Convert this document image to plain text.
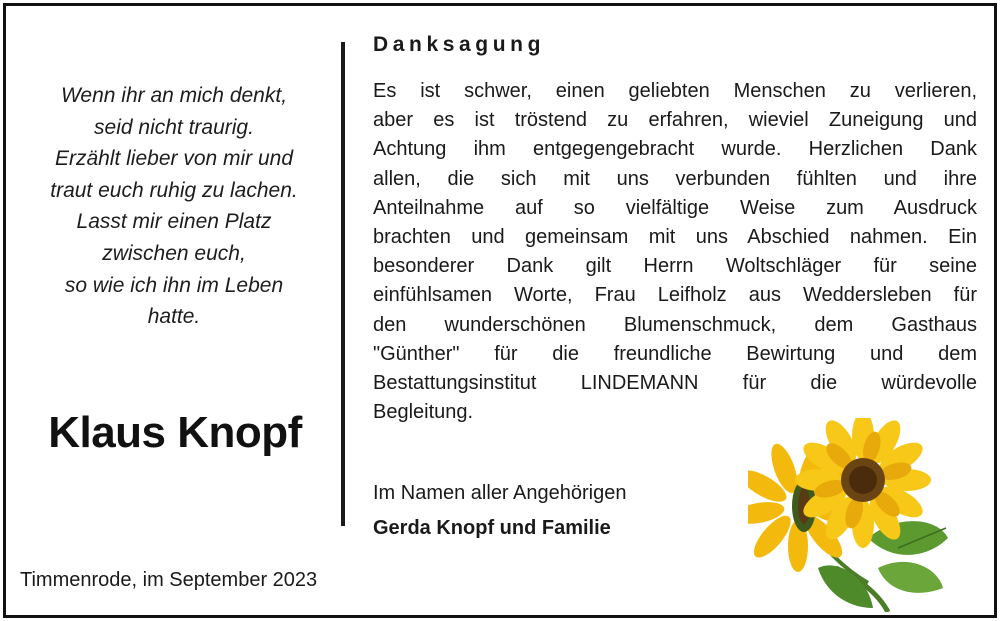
Wenn ihr an mich denkt,
seid nicht traurig.
Erzählt lieber von mir und
traut euch ruhig zu lachen.
Lasst mir einen Platz
zwischen euch,
so wie ich ihn im Leben
hatte.
Klaus Knopf
Timmenrode, im September 2023
Danksagung
Es ist schwer, einen geliebten Menschen zu verlieren,
aber es ist tröstend zu erfahren, wieviel Zuneigung und
Achtung ihm entgegengebracht wurde. Herzlichen Dank
allen, die sich mit uns verbunden fühlten und ihre
Anteilnahme auf so vielfältige Weise zum Ausdruck
brachten und gemeinsam mit uns Abschied nahmen. Ein
besonderer Dank gilt Herrn Woltschläger für seine
einfühlsamen Worte, Frau Leifholz aus Weddersleben für
den wunderschönen Blumenschmuck, dem Gasthaus
"Günther" für die freundliche Bewirtung und dem
Bestattungsinstitut LINDEMANN für die würdevolle
Begleitung.
Im Namen aller Angehörigen
Gerda Knopf und Familie
